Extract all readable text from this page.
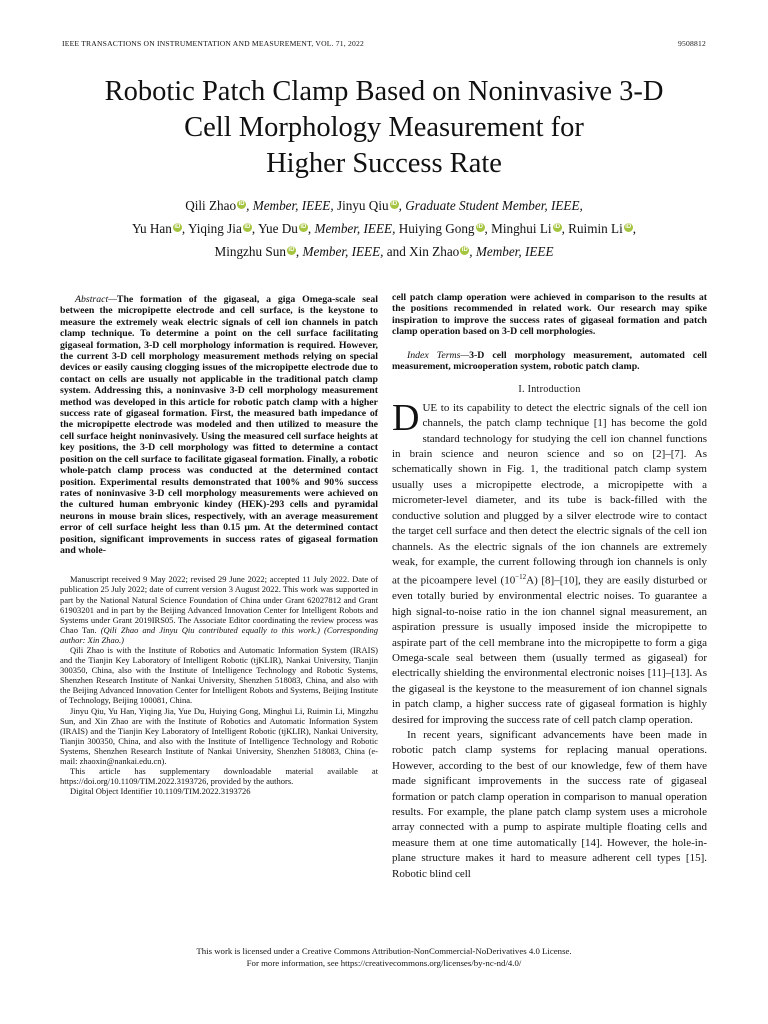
IEEE TRANSACTIONS ON INSTRUMENTATION AND MEASUREMENT, VOL. 71, 2022	9508812
Robotic Patch Clamp Based on Noninvasive 3-D
Cell Morphology Measurement for
Higher Success Rate
Qili Zhao iD , Member, IEEE, Jinyu Qiu iD , Graduate Student Member, IEEE,
Yu Han iD , Yiqing Jia iD , Yue Du iD , Member, IEEE, Huiying Gong iD , Minghui Li iD , Ruimin Li iD ,
Mingzhu Sun iD , Member, IEEE, and Xin Zhao iD , Member, IEEE

Abstract—The formation of the gigaseal, a giga Omega-scale seal between the micropipette electrode and cell surface, is the keystone to measure the extremely weak electric signals of cell ion channels in patch clamp technique. To determine a point on the cell surface facilitating gigaseal formation, 3-D cell morphology information is required. However, the current 3-D cell morphology measurement methods relying on special devices or easily causing clogging issues of the micropipette electrode due to contact on cells are usually not applicable in the traditional patch clamp system. Addressing this, a noninvasive 3-D cell morphology measurement method was developed in this article for robotic patch clamp with a higher success rate of gigaseal formation. First, the measured bath impedance of the micropipette electrode was modeled and then utilized to measure the cell surface height noninvasively. Using the measured cell surface heights at key positions, the 3-D cell morphology was fitted to determine a contact position on the cell surface to facilitate gigaseal formation. Finally, a robotic whole-patch clamp process was conducted at the determined contact position. Experimental results demonstrated that 100% and 90% success rates of noninvasive 3-D cell morphology measurements were achieved on the cultured human embryonic kindey (HEK)-293 cells and pyramidal neurons in mouse brain slices, respectively, with an average measurement error of cell surface height less than 0.15 μm. At the determined contact position, significant improvements in success rates of gigaseal formation and whole-

Manuscript received 9 May 2022; revised 29 June 2022; accepted 11 July 2022. Date of publication 25 July 2022; date of current version 3 August 2022. This work was supported in part by the National Natural Science Foundation of China under Grant 62027812 and Grant 61903201 and in part by the Beijing Advanced Innovation Center for Intelligent Robots and Systems under Grant 2019IRS05. The Associate Editor coordinating the review process was Chao Tan. (Qili Zhao and Jinyu Qiu contributed equally to this work.) (Corresponding author: Xin Zhao.)

Qili Zhao is with the Institute of Robotics and Automatic Information System (IRAIS) and the Tianjin Key Laboratory of Intelligent Robotic (tjKLIR), Nankai University, Tianjin 300350, China, also with the Institute of Intelligence Technology and Robotic Systems, Shenzhen Research Institute of Nankai University, Shenzhen 518083, China, and also with the Beijing Advanced Innovation Center for Intelligent Robots and Systems, Beijing Institute of Technology, Beijing 100081, China.

Jinyu Qiu, Yu Han, Yiqing Jia, Yue Du, Huiying Gong, Minghui Li, Ruimin Li, Mingzhu Sun, and Xin Zhao are with the Institute of Robotics and Automatic Information System (IRAIS) and the Tianjin Key Laboratory of Intelligent Robotic (tjKLIR), Nankai University, Tianjin 300350, China, and also with the Institute of Intelligence Technology and Robotic Systems, Shenzhen Research Institute of Nankai University, Shenzhen 518083, China (e-mail: zhaoxin@nankai.edu.cn).

This article has supplementary downloadable material available at https://doi.org/10.1109/TIM.2022.3193726, provided by the authors.

Digital Object Identifier 10.1109/TIM.2022.3193726

cell patch clamp operation were achieved in comparison to the results at the positions recommended in related work. Our research may spike inspiration to improve the success rates of gigaseal formation and patch clamp operation based on 3-D cell morphologies.

Index Terms—3-D cell morphology measurement, automated cell measurement, microoperation system, robotic patch clamp.

I. Introduction

DUE to its capability to detect the electric signals of the cell ion channels, the patch clamp technique [1] has become the gold standard technology for studying the cell ion channel functions in brain science and neuron science and so on [2]–[7]. As schematically shown in Fig. 1, the traditional patch clamp system usually uses a micropipette electrode, a micropipette with a micrometer-level diameter, and its tube is back-filled with the conductive solution and plugged by a silver electrode wire to contact the target cell surface and then detect the electric signals of the cell ion channels. As the electric signals of the ion channels are extremely weak, for example, the current following through ion channels is only at the picoampere level $(10^{-12}A)$ [8]–[10], they are easily disturbed or even totally buried by environmental electric noises. To guarantee a high signal-to-noise ratio in the ion channel signal measurement, an aspiration pressure is usually imposed inside the micropipette to aspirate part of the cell membrane into the micropipette to form a giga Omega-scale seal between them (usually termed as gigaseal) for electrically shielding the environmental electronic noises [11]–[13]. As the gigaseal is the keystone to the measurement of ion channel signals in patch clamp, a higher success rate of gigaseal formation is highly desired for improving the success rate of cell patch clamp operation.

In recent years, significant advancements have been made in robotic patch clamp systems for replacing manual operations. However, according to the best of our knowledge, few of them have made significant improvements in the success rate of gigaseal formation or patch clamp operation in comparison to manual operation results. For example, the plane patch clamp system uses a microhole array connected with a pump to aspirate multiple floating cells and measure them at one time automatically [14]. However, the hole-in-plane structure makes it hard to measure adherent cell types [15]. Robotic blind cell

This work is licensed under a Creative Commons Attribution-NonCommercial-NoDerivatives 4.0 License.
For more information, see https://creativecommons.org/licenses/by-nc-nd/4.0/
